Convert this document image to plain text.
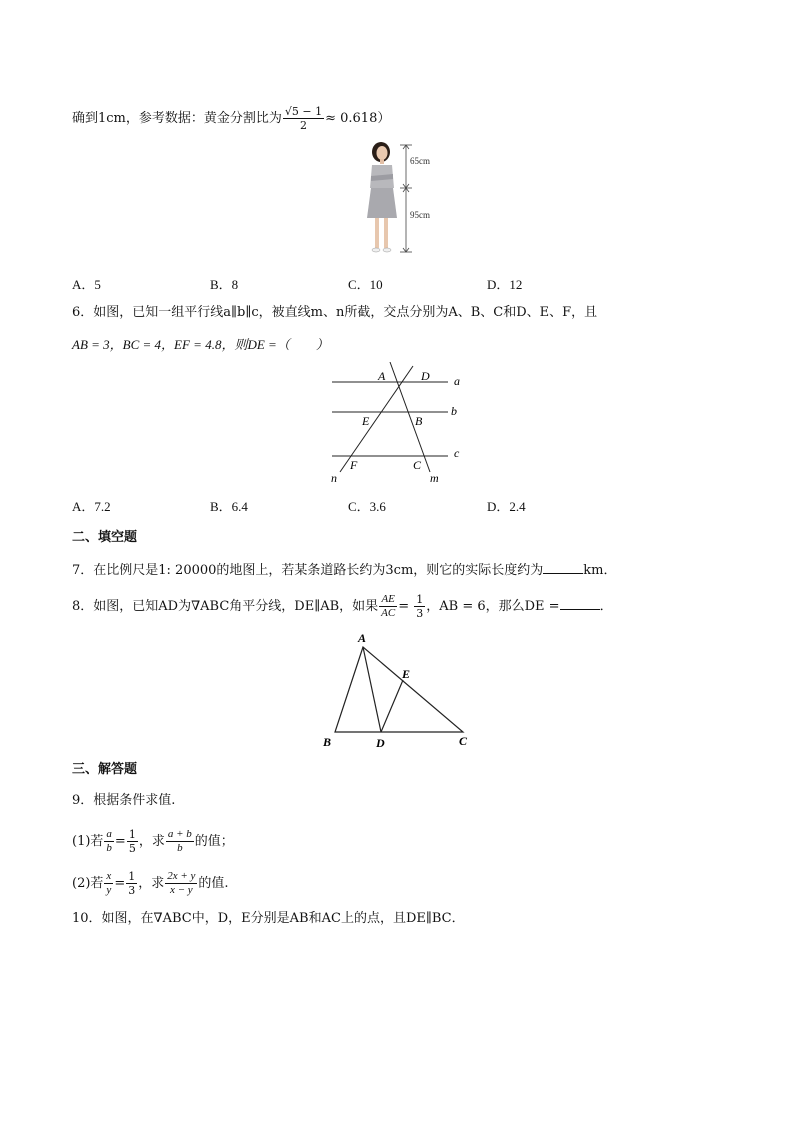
确到1cm，参考数据：黄金分割比为 $\frac{√5 - 1}{2} \approx 0.618$）
65cm
95cm
A．5	B．8	C．10	D．12
6．如图，已知一组平行线a∥b∥c，被直线m、n所截，交点分别为A、B、C和D、E、F，且
AB = 3，BC = 4，EF = 4.8，则DE =（　　）
A	D a
E	B
b
F	C
c
n	m
A．7.2	B．6.4	C．3.6	D．2.4
二、填空题
7．在比例尺是1: 20000的地图上，若某条道路长约为3cm，则它的实际长度约为	km．
8．如图，已知AD为∇ABC角平分线，DE∥AB，如果 $\frac{AE}{AC} = \frac{1}{3}$ ，AB = 6，那么DE =	．
A
E
B	D	C
三、解答题
9．根据条件求值.
(1)若 $\frac{a}{b} = \frac{1}{5}$ ，求 $\frac{a + b}{b}$ 的值；
(2)若 $\frac{x}{y} = \frac{1}{3}$ ，求 $\frac{2x + y}{x - y}$ 的值.
10．如图，在∇ABC中，D，E分别是AB和AC上的点，且DE∥BC．
